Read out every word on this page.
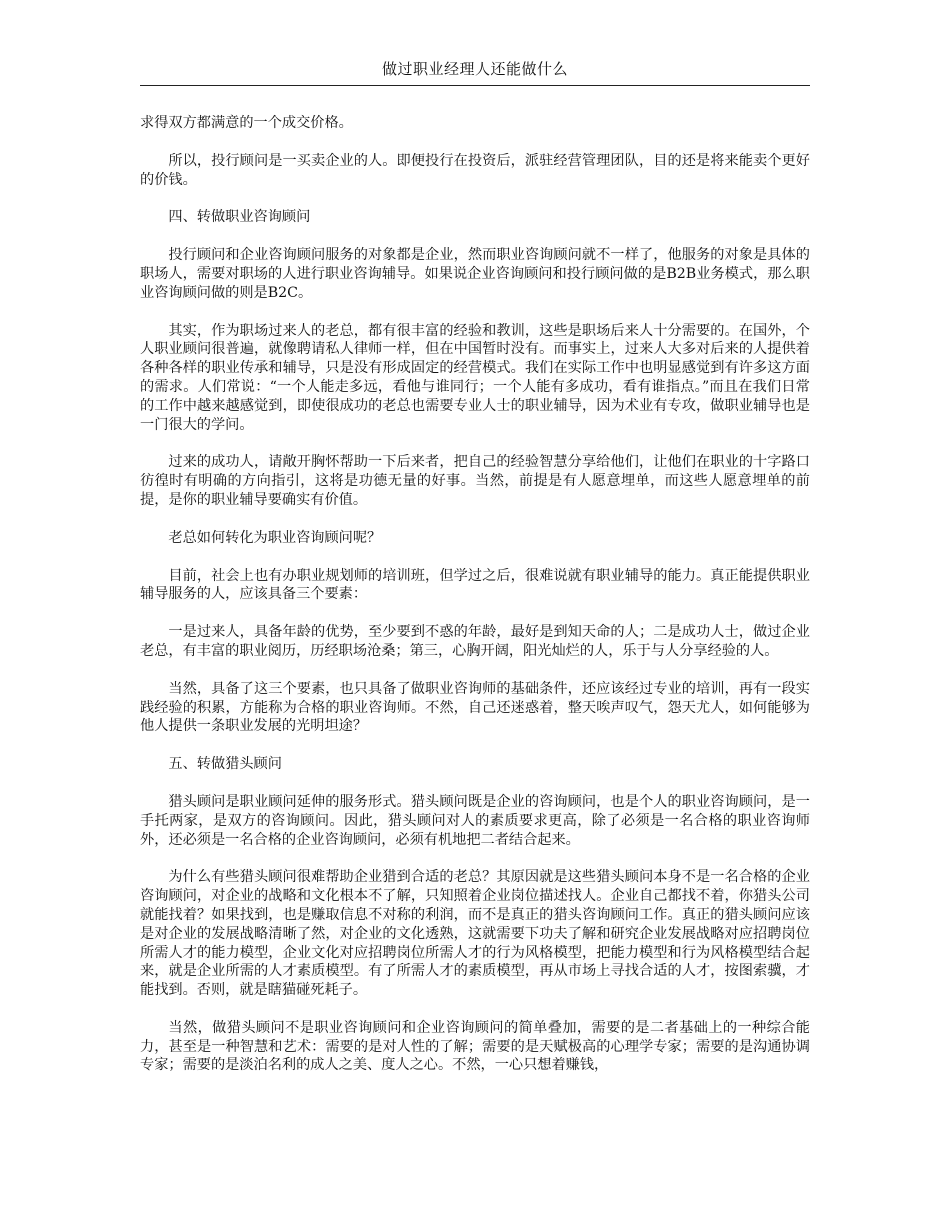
做过职业经理人还能做什么

求得双方都满意的一个成交价格。

所以，投行顾问是一买卖企业的人。即便投行在投资后，派驻经营管理团队，目的还是将来能卖个更好的价钱。

四、转做职业咨询顾问

投行顾问和企业咨询顾问服务的对象都是企业，然而职业咨询顾问就不一样了，他服务的对象是具体的职场人，需要对职场的人进行职业咨询辅导。如果说企业咨询顾问和投行顾问做的是B2B业务模式，那么职业咨询顾问做的则是B2C。

其实，作为职场过来人的老总，都有很丰富的经验和教训，这些是职场后来人十分需要的。在国外，个人职业顾问很普遍，就像聘请私人律师一样，但在中国暂时没有。而事实上，过来人大多对后来的人提供着各种各样的职业传承和辅导，只是没有形成固定的经营模式。我们在实际工作中也明显感觉到有许多这方面的需求。人们常说：“一个人能走多远，看他与谁同行；一个人能有多成功，看有谁指点。”而且在我们日常的工作中越来越感觉到，即使很成功的老总也需要专业人士的职业辅导，因为术业有专攻，做职业辅导也是一门很大的学问。

过来的成功人，请敞开胸怀帮助一下后来者，把自己的经验智慧分享给他们，让他们在职业的十字路口彷徨时有明确的方向指引，这将是功德无量的好事。当然，前提是有人愿意埋单，而这些人愿意埋单的前提，是你的职业辅导要确实有价值。

老总如何转化为职业咨询顾问呢？

目前，社会上也有办职业规划师的培训班，但学过之后，很难说就有职业辅导的能力。真正能提供职业辅导服务的人，应该具备三个要素：

一是过来人，具备年龄的优势，至少要到不惑的年龄，最好是到知天命的人；二是成功人士，做过企业老总，有丰富的职业阅历，历经职场沧桑；第三，心胸开阔，阳光灿烂的人，乐于与人分享经验的人。

当然，具备了这三个要素，也只具备了做职业咨询师的基础条件，还应该经过专业的培训，再有一段实践经验的积累，方能称为合格的职业咨询师。不然，自己还迷惑着，整天唉声叹气，怨天尤人，如何能够为他人提供一条职业发展的光明坦途？

五、转做猎头顾问

猎头顾问是职业顾问延伸的服务形式。猎头顾问既是企业的咨询顾问，也是个人的职业咨询顾问，是一手托两家，是双方的咨询顾问。因此，猎头顾问对人的素质要求更高，除了必须是一名合格的职业咨询师外，还必须是一名合格的企业咨询顾问，必须有机地把二者结合起来。

为什么有些猎头顾问很难帮助企业猎到合适的老总？其原因就是这些猎头顾问本身不是一名合格的企业咨询顾问，对企业的战略和文化根本不了解，只知照着企业岗位描述找人。企业自己都找不着，你猎头公司就能找着？如果找到，也是赚取信息不对称的利润，而不是真正的猎头咨询顾问工作。真正的猎头顾问应该是对企业的发展战略清晰了然，对企业的文化透熟，这就需要下功夫了解和研究企业发展战略对应招聘岗位所需人才的能力模型，企业文化对应招聘岗位所需人才的行为风格模型，把能力模型和行为风格模型结合起来，就是企业所需的人才素质模型。有了所需人才的素质模型，再从市场上寻找合适的人才，按图索骥，才能找到。否则，就是瞎猫碰死耗子。

当然，做猎头顾问不是职业咨询顾问和企业咨询顾问的简单叠加，需要的是二者基础上的一种综合能力，甚至是一种智慧和艺术：需要的是对人性的了解；需要的是天赋极高的心理学专家；需要的是沟通协调专家；需要的是淡泊名利的成人之美、度人之心。不然，一心只想着赚钱，
